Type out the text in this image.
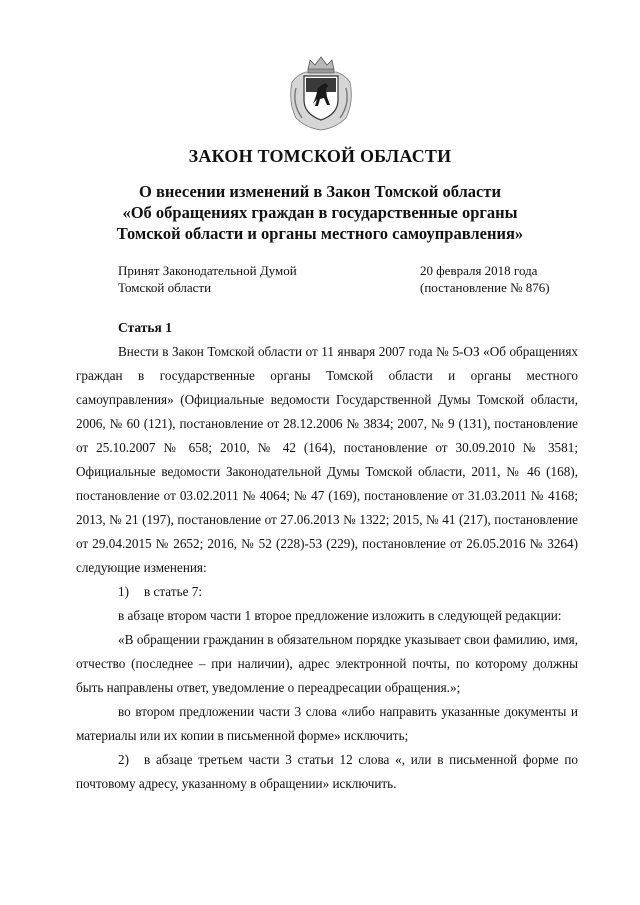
ЗАКОН ТОМСКОЙ ОБЛАСТИ
О внесении изменений в Закон Томской области
«Об обращениях граждан в государственные органы
Томской области и органы местного самоуправления»
Принят Законодательной Думой
Томской области
20 февраля 2018 года
(постановление № 876)
Статья 1

Внести в Закон Томской области от 11 января 2007 года № 5-ОЗ «Об обращениях граждан в государственные органы Томской области и органы местного самоуправления» (Официальные ведомости Государственной Думы Томской области, 2006, № 60 (121), постановление от 28.12.2006 № 3834; 2007, № 9 (131), постановление от 25.10.2007 № 658; 2010, № 42 (164), постановление от 30.09.2010 № 3581; Официальные ведомости Законодательной Думы Томской области, 2011, № 46 (168), постановление от 03.02.2011 № 4064; № 47 (169), постановление от 31.03.2011 № 4168; 2013, № 21 (197), постановление от 27.06.2013 № 1322; 2015, № 41 (217), постановление от 29.04.2015 № 2652; 2016, № 52 (228)-53 (229), постановление от 26.05.2016 № 3264) следующие изменения:

1) в статье 7:

в абзаце втором части 1 второе предложение изложить в следующей редакции:

«В обращении гражданин в обязательном порядке указывает свои фамилию, имя, отчество (последнее – при наличии), адрес электронной почты, по которому должны быть направлены ответ, уведомление о переадресации обращения.»;

во втором предложении части 3 слова «либо направить указанные документы и материалы или их копии в письменной форме» исключить;

2) в абзаце третьем части 3 статьи 12 слова «, или в письменной форме по почтовому адресу, указанному в обращении» исключить.
